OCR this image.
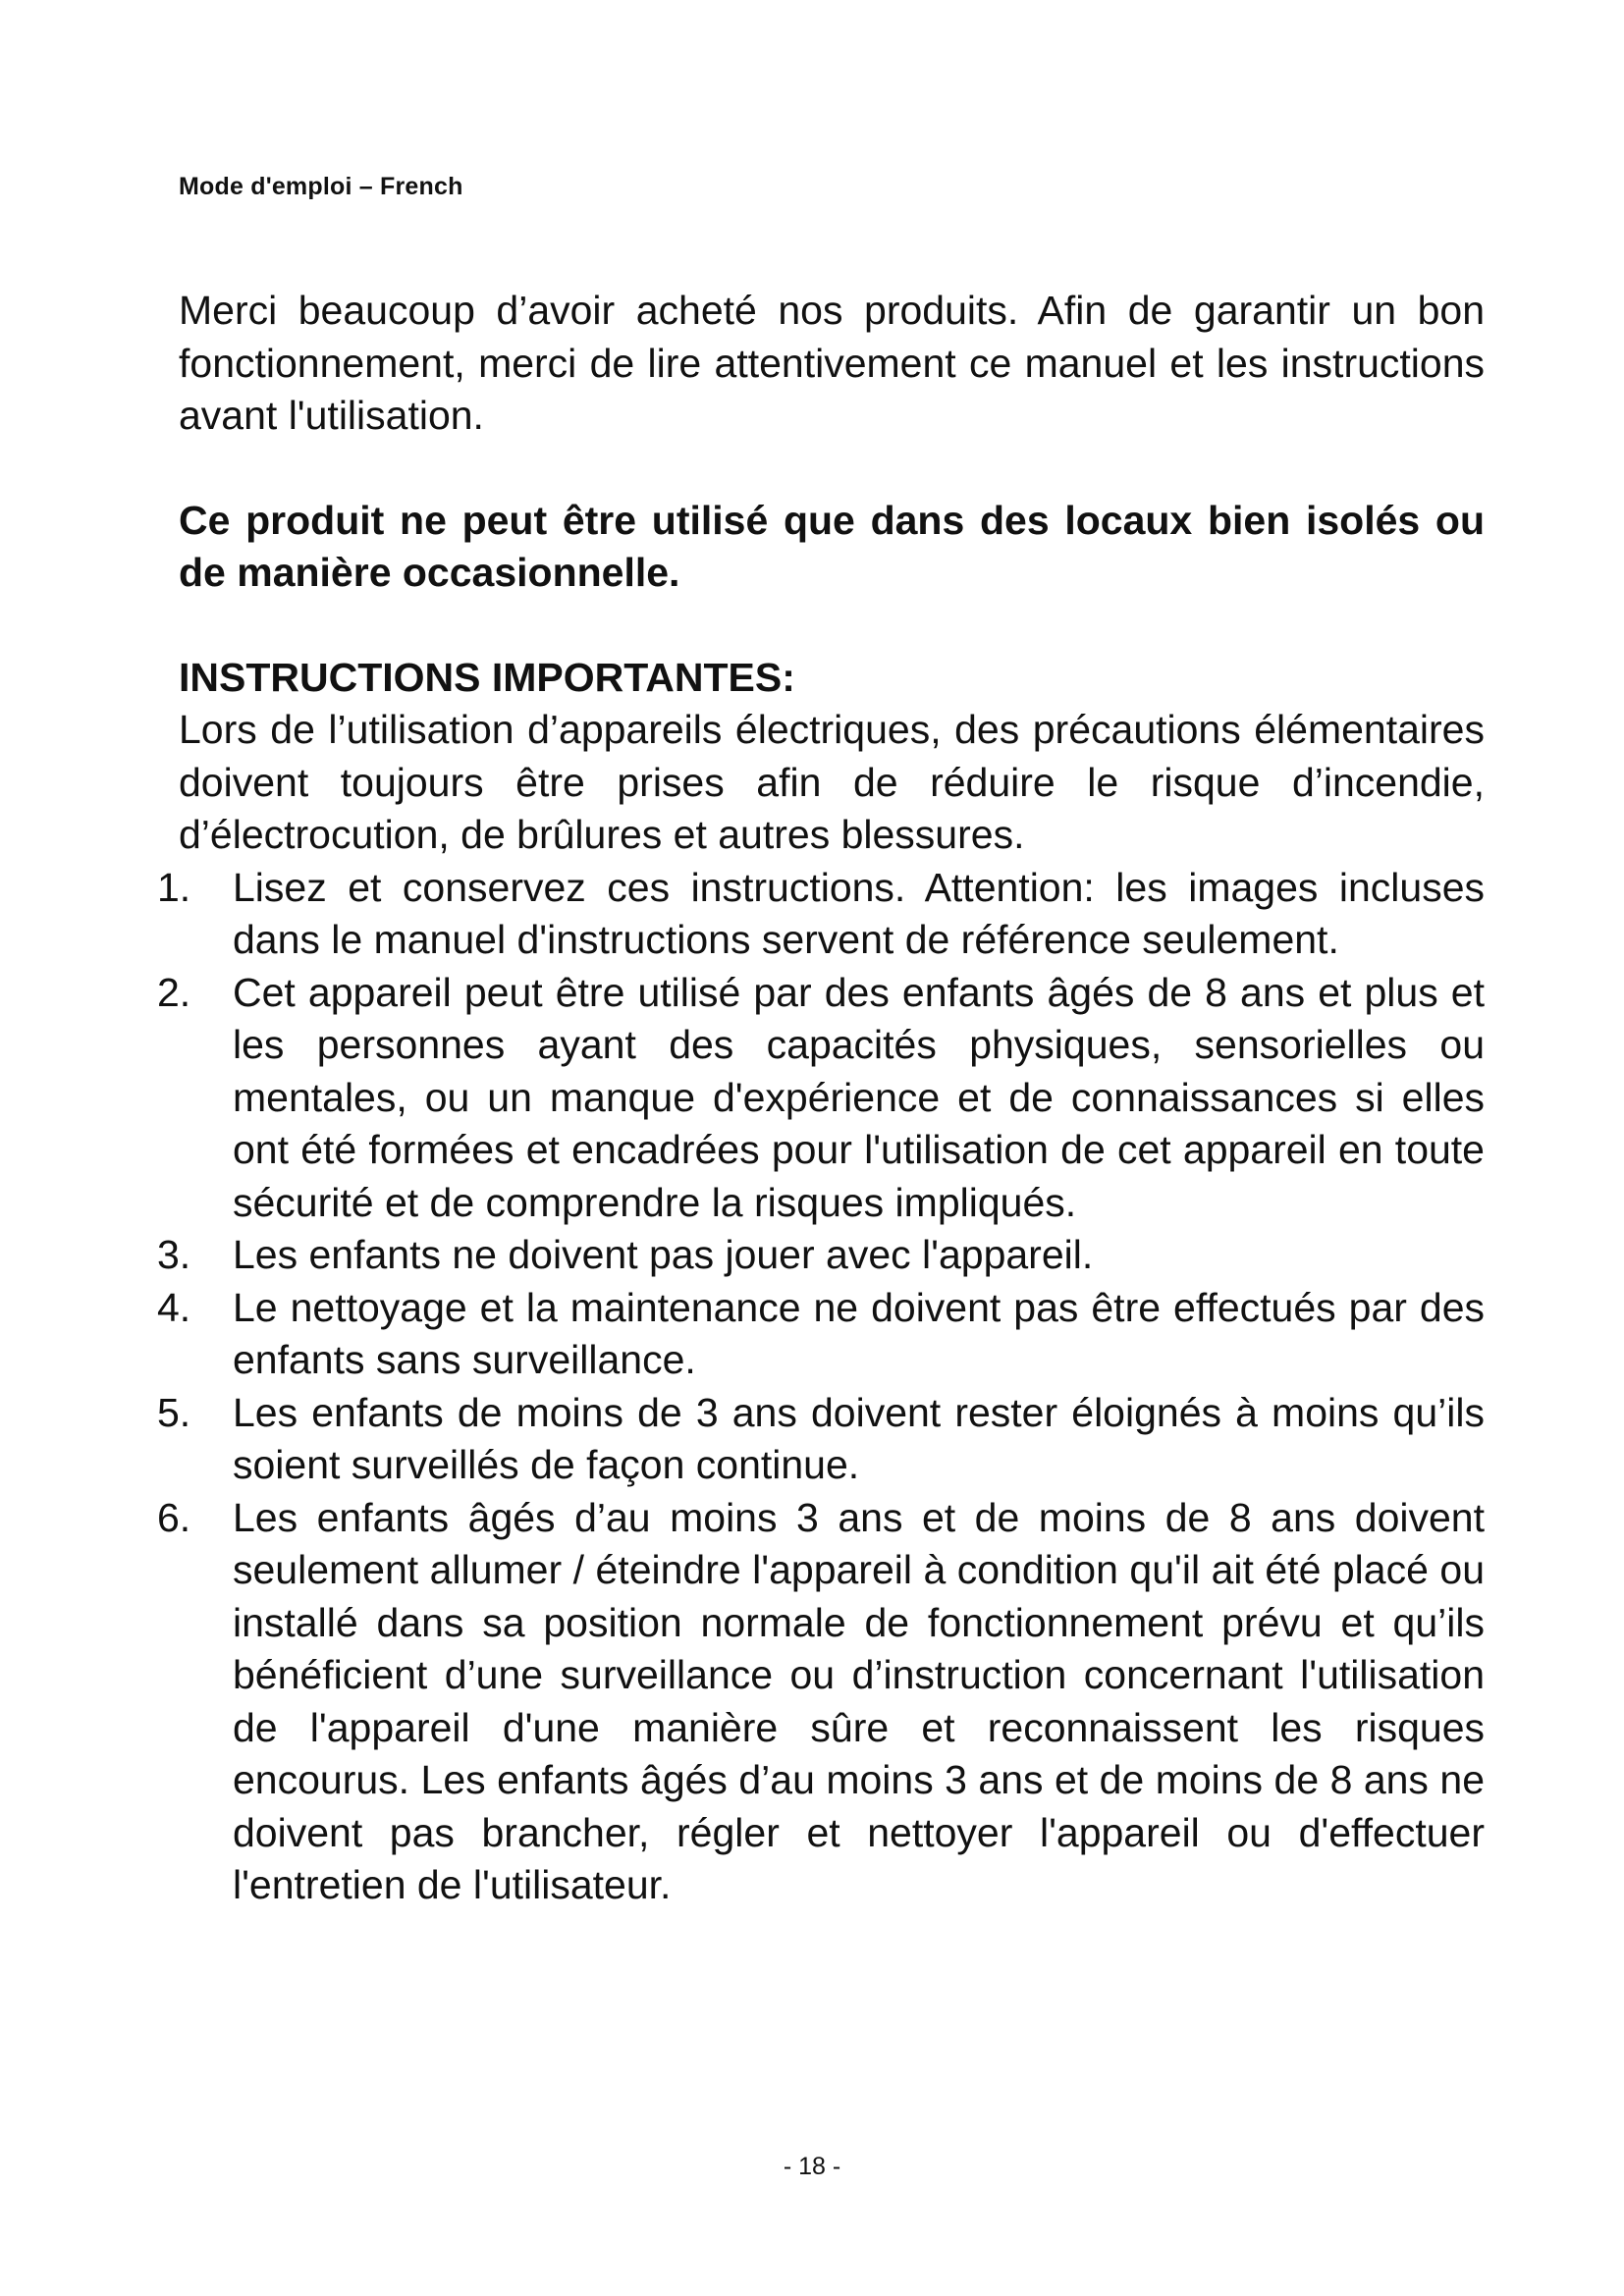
Mode d'emploi – French

Merci beaucoup d’avoir acheté nos produits. Afin de garantir un bon fonctionnement, merci de lire attentivement ce manuel et les instructions avant l'utilisation.

Ce produit ne peut être utilisé que dans des locaux bien isolés ou de manière occasionnelle.

INSTRUCTIONS IMPORTANTES:

Lors de l’utilisation d’appareils électriques, des précautions élémentaires doivent toujours être prises afin de réduire le risque d’incendie, d’électrocution, de brûlures et autres blessures.

1. Lisez et conservez ces instructions. Attention: les images incluses dans le manuel d'instructions servent de référence seulement.
2. Cet appareil peut être utilisé par des enfants âgés de 8 ans et plus et les personnes ayant des capacités physiques, sensorielles ou mentales, ou un manque d'expérience et de connaissances si elles ont été formées et encadrées pour l'utilisation de cet appareil en toute sécurité et de comprendre la risques impliqués.
3. Les enfants ne doivent pas jouer avec l'appareil.
4. Le nettoyage et la maintenance ne doivent pas être effectués par des enfants sans surveillance.
5. Les enfants de moins de 3 ans doivent rester éloignés à moins qu’ils soient surveillés de façon continue.
6. Les enfants âgés d’au moins 3 ans et de moins de 8 ans doivent seulement allumer / éteindre l'appareil à condition qu'il ait été placé ou installé dans sa position normale de fonctionnement prévu et qu’ils bénéficient d’une surveillance ou d’instruction concernant l'utilisation de l'appareil d'une manière sûre et reconnaissent les risques encourus. Les enfants âgés d’au moins 3 ans et de moins de 8 ans ne doivent pas brancher, régler et nettoyer l'appareil ou d'effectuer l'entretien de l'utilisateur.
- 18 -
